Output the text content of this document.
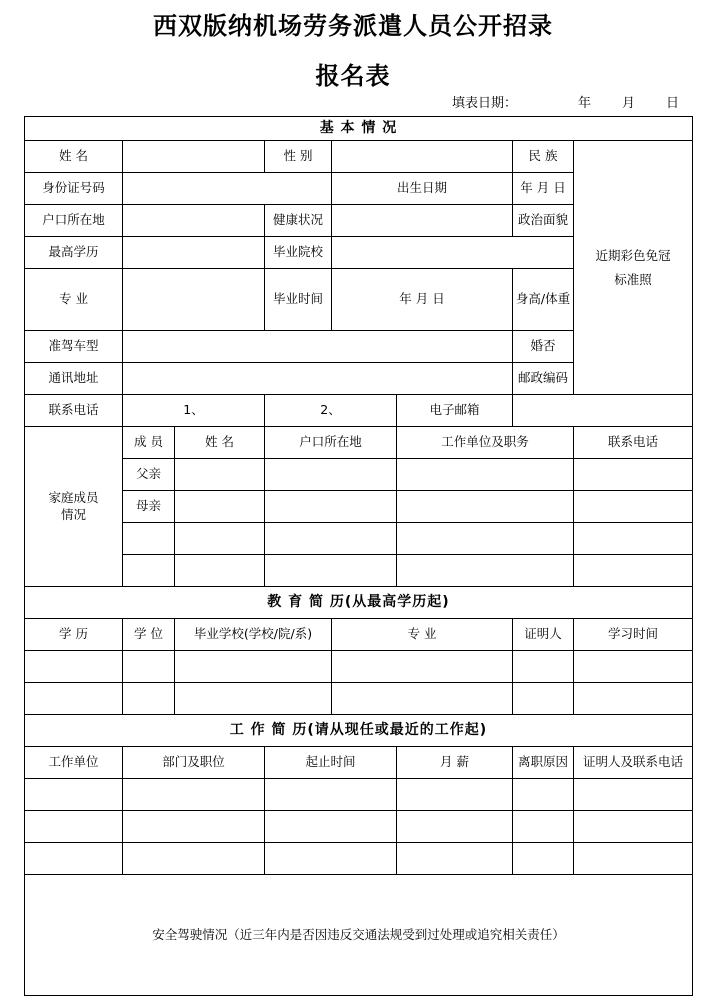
西双版纳机场劳务派遣人员公开招录
报名表
填表日期：	年 月 日
基 本 情 况							
姓 名			性 别			民 族	近期彩色免冠
标准照

身份证号码				出生日期		年 月 日	
户口所在地			健康状况			政治面貌	
最高学历			毕业院校				
专 业			毕业时间	年 月 日		身高/体重	
准驾车型						婚否	
通讯地址						邮政编码	
联系电话	1、		2、		电子邮箱		
家庭成员
情况	成 员	姓 名	户口所在地		工作单位及职务		联系电话
	父亲						
	母亲						

教 育 简 历(从最高学历起)							
学 历	学 位	毕业学校(学校/院/系)		专 业		证明人	学习时间

工 作 简 历(请从现任或最近的工作起)							
工作单位	部门及职位		起止时间		月 薪	离职原因	证明人及联系电话

安全驾驶情况（近三年内是否因违反交通法规受到过处理或追究相关责任）							
